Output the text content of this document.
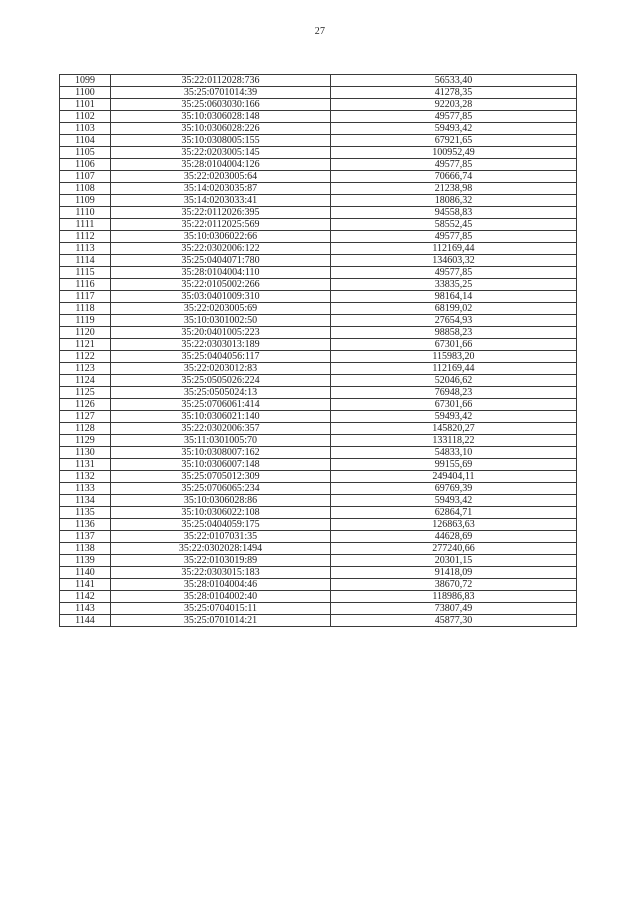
27
1099	35:22:0112028:736	56533,40
1100	35:25:0701014:39	41278,35
1101	35:25:0603030:166	92203,28
1102	35:10:0306028:148	49577,85
1103	35:10:0306028:226	59493,42
1104	35:10:0308005:155	67921,65
1105	35:22:0203005:145	100952,49
1106	35:28:0104004:126	49577,85
1107	35:22:0203005:64	70666,74
1108	35:14:0203035:87	21238,98
1109	35:14:0203033:41	18086,32
1110	35:22:0112026:395	94558,83
1111	35:22:0112025:569	58552,45
1112	35:10:0306022:66	49577,85
1113	35:22:0302006:122	112169,44
1114	35:25:0404071:780	134603,32
1115	35:28:0104004:110	49577,85
1116	35:22:0105002:266	33835,25
1117	35:03:0401009:310	98164,14
1118	35:22:0203005:69	68199,02
1119	35:10:0301002:50	27654,93
1120	35:20:0401005:223	98858,23
1121	35:22:0303013:189	67301,66
1122	35:25:0404056:117	115983,20
1123	35:22:0203012:83	112169,44
1124	35:25:0505026:224	52046,62
1125	35:25:0505024:13	76948,23
1126	35:25:0706061:414	67301,66
1127	35:10:0306021:140	59493,42
1128	35:22:0302006:357	145820,27
1129	35:11:0301005:70	133118,22
1130	35:10:0308007:162	54833,10
1131	35:10:0306007:148	99155,69
1132	35:25:0705012:309	249404,11
1133	35:25:0706065:234	69769,39
1134	35:10:0306028:86	59493,42
1135	35:10:0306022:108	62864,71
1136	35:25:0404059:175	126863,63
1137	35:22:0107031:35	44628,69
1138	35:22:0302028:1494	277240,66
1139	35:22:0103019:89	20301,15
1140	35:22:0303015:183	91418,09
1141	35:28:0104004:46	38670,72
1142	35:28:0104002:40	118986,83
1143	35:25:0704015:11	73807,49
1144	35:25:0701014:21	45877,30
